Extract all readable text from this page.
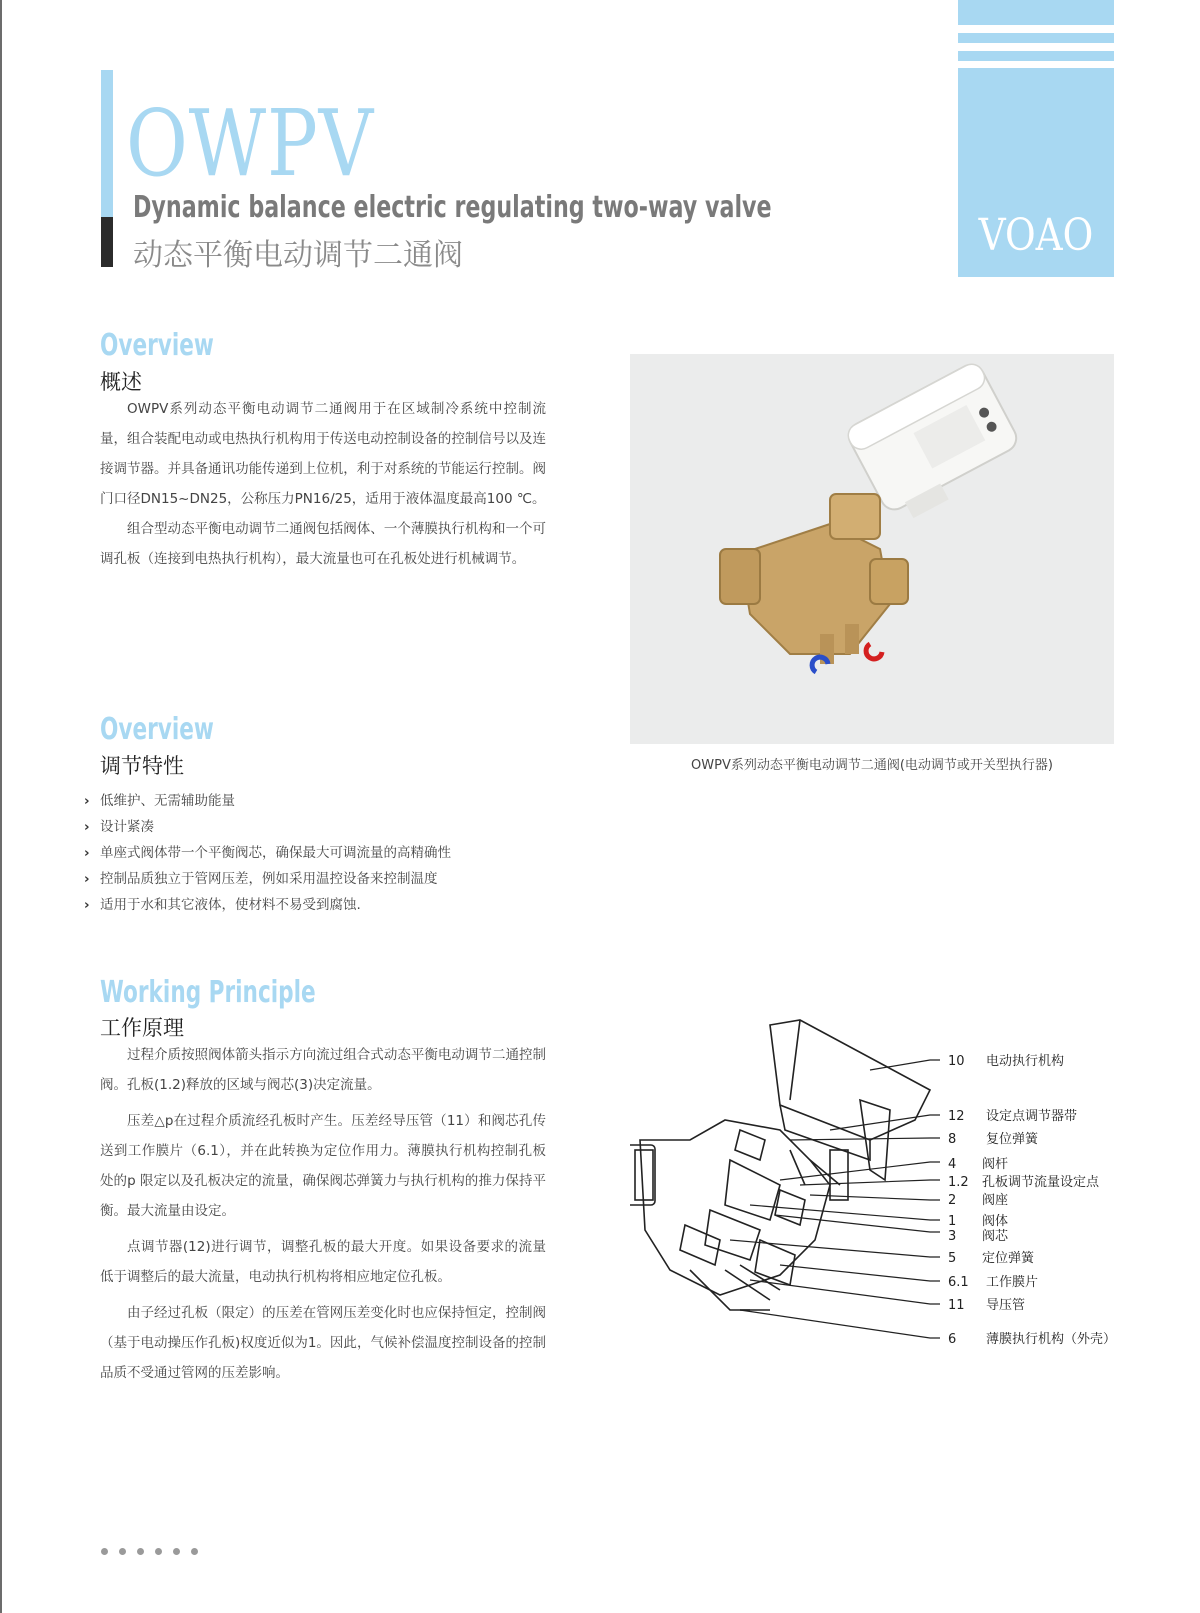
OWPV
Dynamic balance electric regulating two-way valve
动态平衡电动调节二通阀	VOAO
Overview
概述

OWPV系列动态平衡电动调节二通阀用于在区域制冷系统中控制流量，组合装配电动或电热执行机构用于传送电动控制设备的控制信号以及连接调节器。并具备通讯功能传递到上位机，利于对系统的节能运行控制。阀门口径DN15~DN25，公称压力PN16/25，适用于液体温度最高100 ℃。

组合型动态平衡电动调节二通阀包括阀体、一个薄膜执行机构和一个可调孔板（连接到电热执行机构），最大流量也可在孔板处进行机械调节。

OWPV系列动态平衡电动调节二通阀(电动调节或开关型执行器)
Overview
调节特性
› 低维护、无需辅助能量
› 设计紧凑
› 单座式阀体带一个平衡阀芯，确保最大可调流量的高精确性
› 控制品质独立于管网压差，例如采用温控设备来控制温度
› 适用于水和其它液体，使材料不易受到腐蚀.
Working Principle
工作原理

过程介质按照阀体箭头指示方向流过组合式动态平衡电动调节二通控制阀。孔板(1.2)释放的区域与阀芯(3)决定流量。

压差△p在过程介质流经孔板时产生。压差经导压管（11）和阀芯孔传送到工作膜片（6.1），并在此转换为定位作用力。薄膜执行机构控制孔板处的p 限定以及孔板决定的流量，确保阀芯弹簧力与执行机构的推力保持平衡。最大流量由设定。

点调节器(12)进行调节，调整孔板的最大开度。如果设备要求的流量低于调整后的最大流量，电动执行机构将相应地定位孔板。

由子经过孔板（限定）的压差在管网压差变化时也应保持恒定，控制阀（基于电动操压作孔板)权度近似为1。因此，气候补偿温度控制设备的控制品质不受通过管网的压差影响。

10 电动执行机构
12 设定点调节器带
8 复位弹簧
4 阀杆
1.2 孔板调节流量设定点
2 阀座
1 阀体
3 阀芯
5 定位弹簧
6.1 工作膜片
11 导压管
6 薄膜执行机构（外壳）
